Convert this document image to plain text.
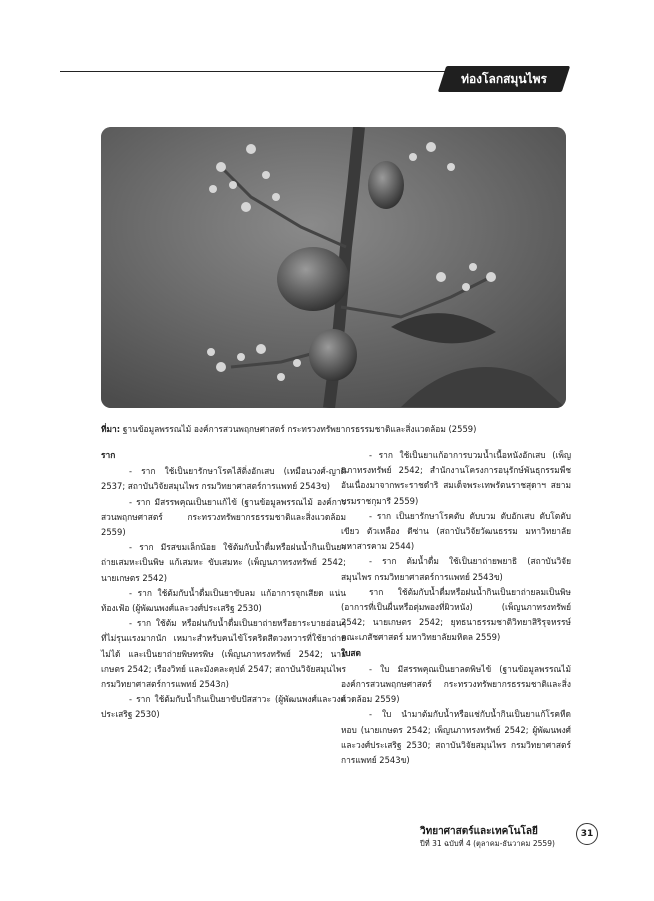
ท่องโลกสมุนไพร
ที่มา: ฐานข้อมูลพรรณไม้ องค์การสวนพฤกษศาสตร์ กระทรวงทรัพยากรธรรมชาติและสิ่งแวดล้อม (2559)

ราก

- ราก ใช้เป็นยารักษาโรคไส้ติ่งอักเสบ (เหมือนวงศ์-ญาติ 2537; สถาบันวิจัยสมุนไพร กรมวิทยาศาสตร์การแพทย์ 2543ข)

- ราก มีสรรพคุณเป็นยาแก้ไข้ (ฐานข้อมูลพรรณไม้ องค์การสวนพฤกษศาสตร์ กระทรวงทรัพยากรธรรมชาติและสิ่งแวดล้อม 2559)

- ราก มีรสขมเล็กน้อย ใช้ต้มกับน้ำดื่มหรือฝนน้ำกินเป็นยาถ่ายเสมหะเป็นพิษ แก้เสมหะ ขับเสมหะ (เพ็ญนภาทรงทรัพย์ 2542; นายเกษตร 2542)

- ราก ใช้ต้มกับน้ำดื่มเป็นยาขับลม แก้อาการจุกเสียด แน่นท้องเฟ้อ (ผู้พัฒนพงศ์และวงศ์ประเสริฐ 2530)

- ราก ใช้ต้ม หรือฝนกับน้ำดื่มเป็นยาถ่ายหรือยาระบายอ่อนๆ ที่ไม่รุนแรงมากนัก เหมาะสำหรับคนไข้โรคริดสีดวงทวารที่ใช้ยาถ่ายไม่ได้ และเป็นยาถ่ายพิษทรพิษ (เพ็ญนภาทรงทรัพย์ 2542; นายเกษตร 2542; เรืองวิทย์ และมังคละคุปต์ 2547; สถาบันวิจัยสมุนไพร กรมวิทยาศาสตร์การแพทย์ 2543ก)

- ราก ใช้ต้มกับน้ำกินเป็นยาขับปัสสาวะ (ผู้พัฒนพงศ์และวงศ์ประเสริฐ 2530)

- ราก ใช้เป็นยาแก้อาการบวมน้ำเนื้อหนังอักเสบ (เพ็ญนภาทรงทรัพย์ 2542; สำนักงานโครงการอนุรักษ์พันธุกรรมพืชอันเนื่องมาจากพระราชดำริ สมเด็จพระเทพรัตนราชสุดาฯ สยามบรมราชกุมารี 2559)

- ราก เป็นยารักษาโรคตับ ตับบวม ตับอักเสบ ตับโตตับเขียว ตัวเหลือง ดีซ่าน (สถาบันวิจัยวัฒนธรรม มหาวิทยาลัยมหาสารคาม 2544)

- ราก ต้มน้ำดื่ม ใช้เป็นยาถ่ายพยาธิ (สถาบันวิจัยสมุนไพร กรมวิทยาศาสตร์การแพทย์ 2543ข)

ราก ใช้ต้มกับน้ำดื่มหรือฝนน้ำกินเป็นยาถ่ายลมเป็นพิษ (อาการที่เป็นผื่นหรือตุ่มพองที่ผิวหนัง) (เพ็ญนภาทรงทรัพย์ 2542; นายเกษตร 2542; ยุทธนาธรรมชาติวิทยาสิริรุจหรรษ์ คณะเภสัชศาสตร์ มหาวิทยาลัยมหิดล 2559)

ใบสด

- ใบ มีสรรพคุณเป็นยาลดพิษไข้ (ฐานข้อมูลพรรณไม้ องค์การสวนพฤกษศาสตร์ กระทรวงทรัพยากรธรรมชาติและสิ่งแวดล้อม 2559)

- ใบ นำมาต้มกับน้ำหรือแช่กับน้ำกินเป็นยาแก้โรคหืดหอบ (นายเกษตร 2542; เพ็ญนภาทรงทรัพย์ 2542; ผู้พัฒนพงศ์และวงศ์ประเสริฐ 2530; สถาบันวิจัยสมุนไพร กรมวิทยาศาสตร์การแพทย์ 2543ข)

วิทยาศาสตร์และเทคโนโลยี
ปีที่ 31 ฉบับที่ 4 (ตุลาคม-ธันวาคม 2559)
31
